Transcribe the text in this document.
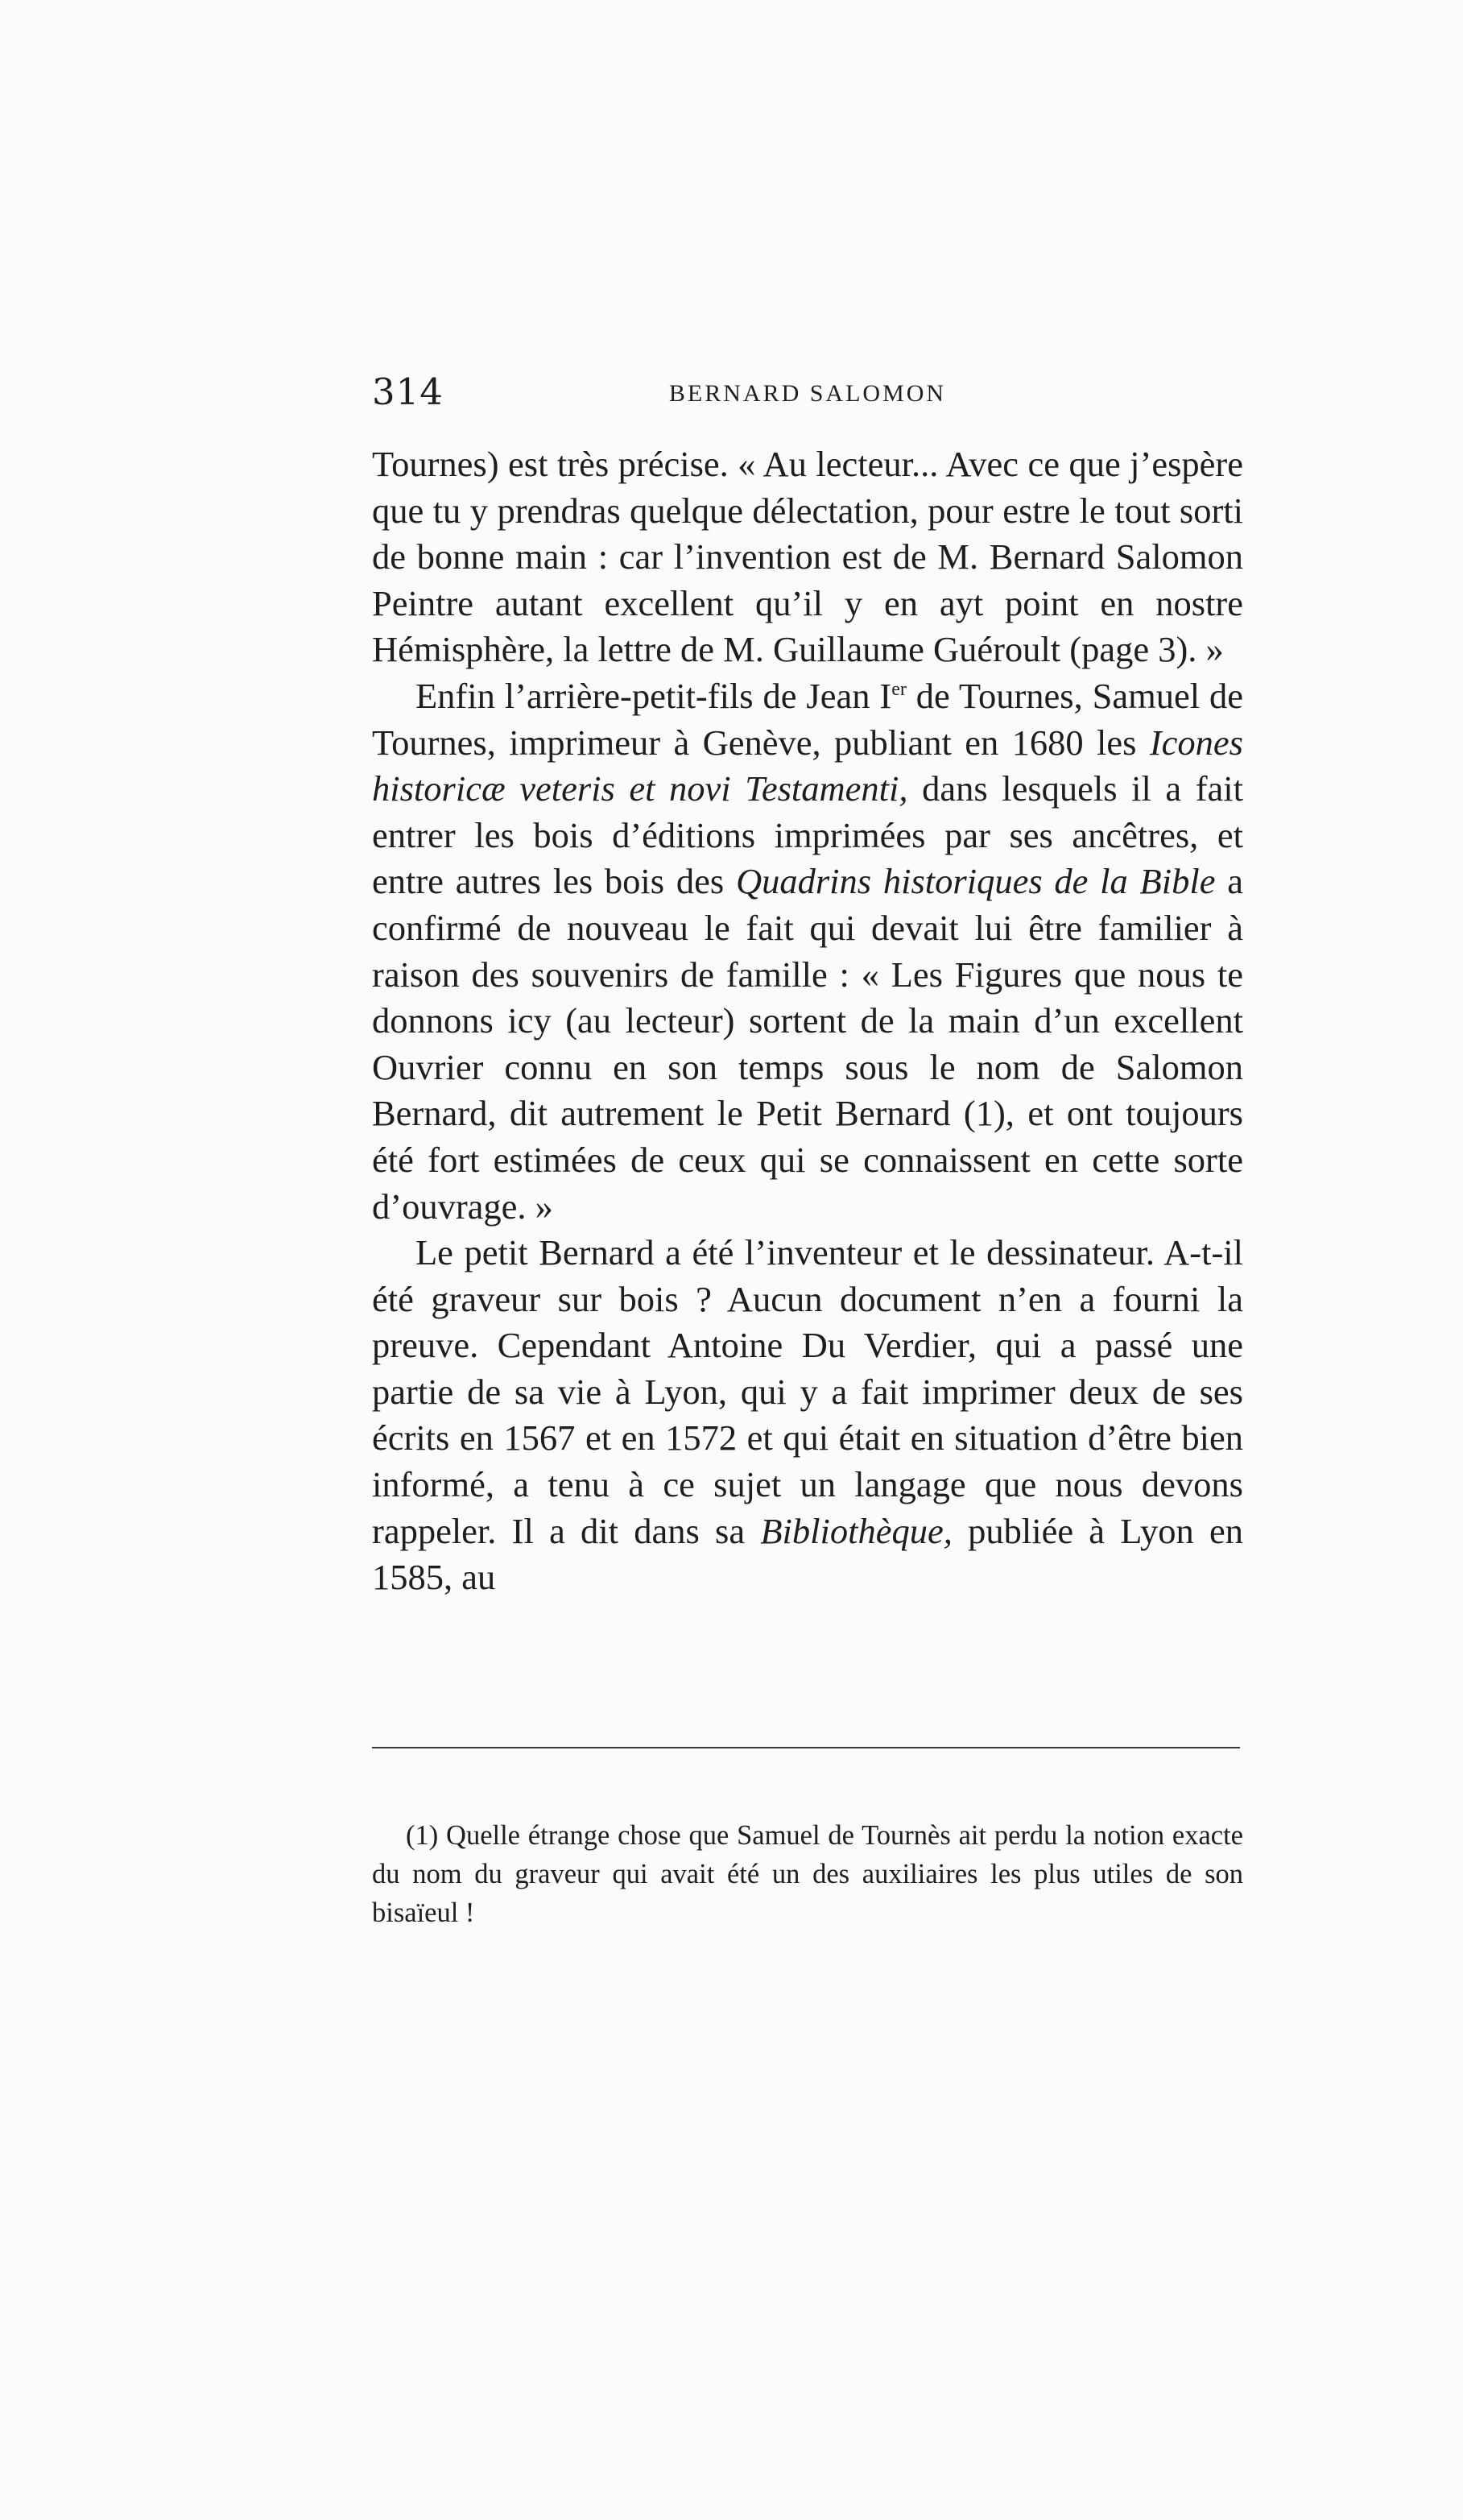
314	BERNARD SALOMON

Tournes) est très précise. « Au lecteur... Avec ce que j’espère que tu y prendras quelque délectation, pour estre le tout sorti de bonne main : car l’invention est de M. Bernard Salomon Peintre autant excellent qu’il y en ayt point en nostre Hémisphère, la lettre de M. Guillaume Guéroult (page 3). »

Enfin l’arrière-petit-fils de Jean Ier de Tournes, Samuel de Tournes, imprimeur à Genève, publiant en 1680 les Icones historicæ veteris et novi Testamenti, dans lesquels il a fait entrer les bois d’éditions imprimées par ses ancêtres, et entre autres les bois des Quadrins historiques de la Bible a confirmé de nouveau le fait qui devait lui être familier à raison des souvenirs de famille : « Les Figures que nous te donnons icy (au lecteur) sortent de la main d’un excellent Ouvrier connu en son temps sous le nom de Salomon Bernard, dit autrement le Petit Bernard (1), et ont toujours été fort estimées de ceux qui se connaissent en cette sorte d’ouvrage. »

Le petit Bernard a été l’inventeur et le dessinateur. A-t-il été graveur sur bois ? Aucun document n’en a fourni la preuve. Cependant Antoine Du Verdier, qui a passé une partie de sa vie à Lyon, qui y a fait imprimer deux de ses écrits en 1567 et en 1572 et qui était en situation d’être bien informé, a tenu à ce sujet un langage que nous devons rappeler. Il a dit dans sa Bibliothèque, publiée à Lyon en 1585, au

(1) Quelle étrange chose que Samuel de Tournès ait perdu la notion exacte du nom du graveur qui avait été un des auxiliaires les plus utiles de son bisaïeul !
